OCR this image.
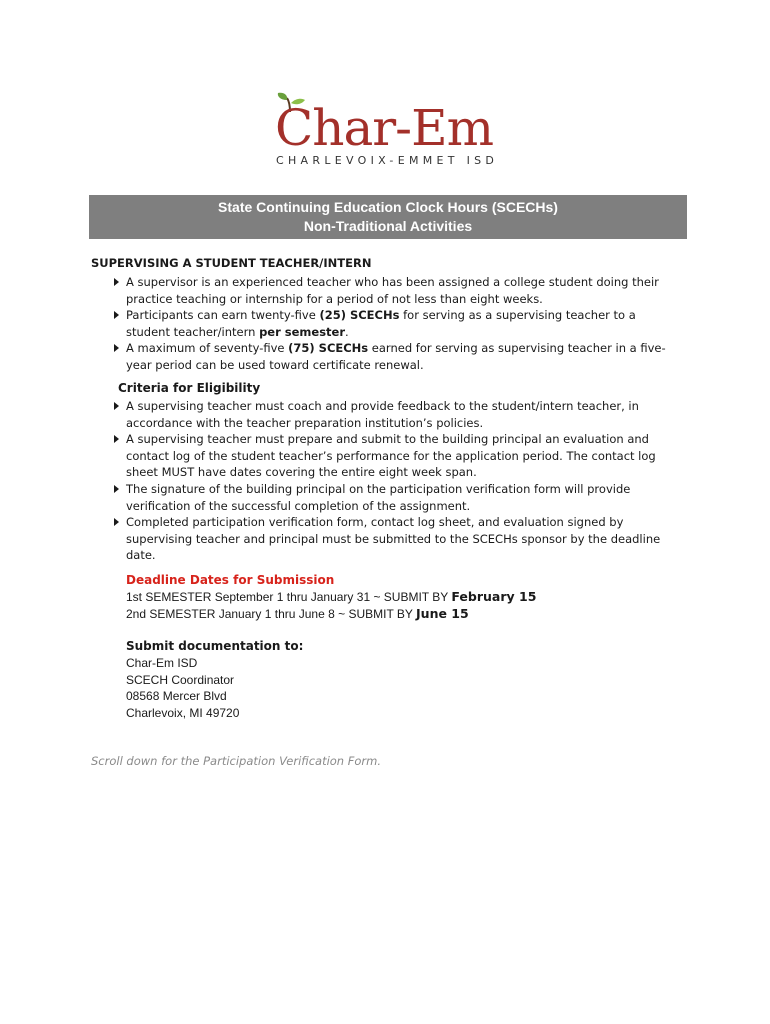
Char-Em
CHARLEVOIX-EMMET ISD
State Continuing Education Clock Hours (SCECHs)
Non-Traditional Activities
SUPERVISING A STUDENT TEACHER/INTERN
A supervisor is an experienced teacher who has been assigned a college student doing their practice teaching or internship for a period of not less than eight weeks.
Participants can earn twenty-five (25) SCECHs for serving as a supervising teacher to a student teacher/intern per semester.
A maximum of seventy-five (75) SCECHs earned for serving as supervising teacher in a five-year period can be used toward certificate renewal.
Criteria for Eligibility
A supervising teacher must coach and provide feedback to the student/intern teacher, in accordance with the teacher preparation institution’s policies.
A supervising teacher must prepare and submit to the building principal an evaluation and contact log of the student teacher’s performance for the application period. The contact log sheet MUST have dates covering the entire eight week span.
The signature of the building principal on the participation verification form will provide verification of the successful completion of the assignment.
Completed participation verification form, contact log sheet, and evaluation signed by supervising teacher and principal must be submitted to the SCECHs sponsor by the deadline date.
Deadline Dates for Submission
1st SEMESTER September 1 thru January 31 ~ SUBMIT BY February 15
2nd SEMESTER January 1 thru June 8 ~ SUBMIT BY June 15
Submit documentation to:
Char-Em ISD
SCECH Coordinator
08568 Mercer Blvd
Charlevoix, MI 49720
Scroll down for the Participation Verification Form.
